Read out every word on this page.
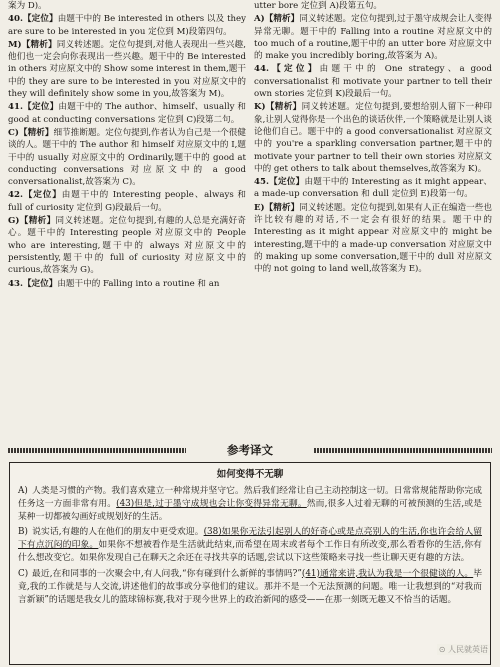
案为 D)。

40.【定位】由题干中的 Be interested in others 以及 they are sure to be interested in you 定位到 M)段第四句。

M)【精析】同义转述题。定位句提到,对他人表现出一些兴趣,他们也一定会向你表现出一些兴趣。题干中的 Be interested in others 对应原文中的 Show some interest in them,题干中的 they are sure to be interested in you 对应原文中的 they will definitely show some in you,故答案为 M)。

41.【定位】由题干中的 The author、himself、usually 和 good at conducting conversations 定位到 C)段第二句。

C)【精析】细节推断题。定位句提到,作者认为自己是一个很健谈的人。题干中的 The author 和 himself 对应原文中的 I,题干中的 usually 对应原文中的 Ordinarily,题干中的 good at conducting conversations 对应原文中的 a good conversationalist,故答案为 C)。

42.【定位】由题干中的 Interesting people、always 和 full of curiosity 定位到 G)段最后一句。

G)【精析】同义转述题。定位句提到,有趣的人总是充满好奇心。题干中的 Interesting people 对应原文中的 People who are interesting,题干中的 always 对应原文中的 persistently,题干中的 full of curiosity 对应原文中的 curious,故答案为 G)。

43.【定位】由题干中的 Falling into a routine 和 an

utter bore 定位到 A)段第五句。

A)【精析】同义转述题。定位句提到,过于墨守成规会让人变得异常无聊。题干中的 Falling into a routine 对应原文中的 too much of a routine,题干中的 an utter bore 对应原文中的 make you incredibly boring,故答案为 A)。

44.【定位】由题干中的 One strategy、a good conversationalist 和 motivate your partner to tell their own stories 定位到 K)段最后一句。

K)【精析】同义转述题。定位句提到,要想给别人留下一种印象,让别人觉得你是一个出色的谈话伙伴,一个策略就是让别人谈论他们自己。题干中的 a good conversationalist 对应原文中的 you're a sparkling conversation partner,题干中的 motivate your partner to tell their own stories 对应原文中的 get others to talk about themselves,故答案为 K)。

45.【定位】由题干中的 Interesting as it might appear、a made-up conversation 和 dull 定位到 E)段第一句。

E)【精析】同义转述题。定位句提到,如果有人正在编造一些也许比较有趣的对话,不一定会有很好的结果。题干中的 Interesting as it might appear 对应原文中的 might be interesting,题干中的 a made-up conversation 对应原文中的 making up some conversation,题干中的 dull 对应原文中的 not going to land well,故答案为 E)。

参考译文
如何变得不无聊

A) 人类是习惯的产物。我们喜欢建立一种常规并坚守它。然后我们经常让自己主动控制这一切。日常常规能帮助你完成任务这一方面非常有用。(43)但是,过于墨守成规也会让你变得异常无聊。然而,很多人过着无聊的可被预测的生活,或是某种一切都被勾画好或规划好的生活。

B) 说实话,有趣的人在他们的朋友中更受欢迎。(38)如果你无法引起别人的好奇心或是点亮别人的生活,你也许会给人留下有点沉闷的印象。如果你不想被看作是生活就此结束,而希望在周末或者每个工作日有所改变,那么看看你的生活,你有什么想改变它。如果你发现自己在聊天之余还在寻找共享的话题,尝试以下这些策略来寻找一些让聊天更有趣的方法。

C) 最近,在和同事的一次聚会中,有人问我,“你有碰到什么新鲜的事情吗?”(41)通常来讲,我认为我是一个很健谈的人。毕竟,我的工作就是与人交流,讲述他们的故事或分享他们的建议。那并不是一个无法预测的问题。唯一让我想到的“对我而言新颖”的话题是我女儿的篮球锦标赛,我对于现今世界上的政治新闻的感受——在那一刻既无趣又不恰当的话题。

⊙ 人民就英语
